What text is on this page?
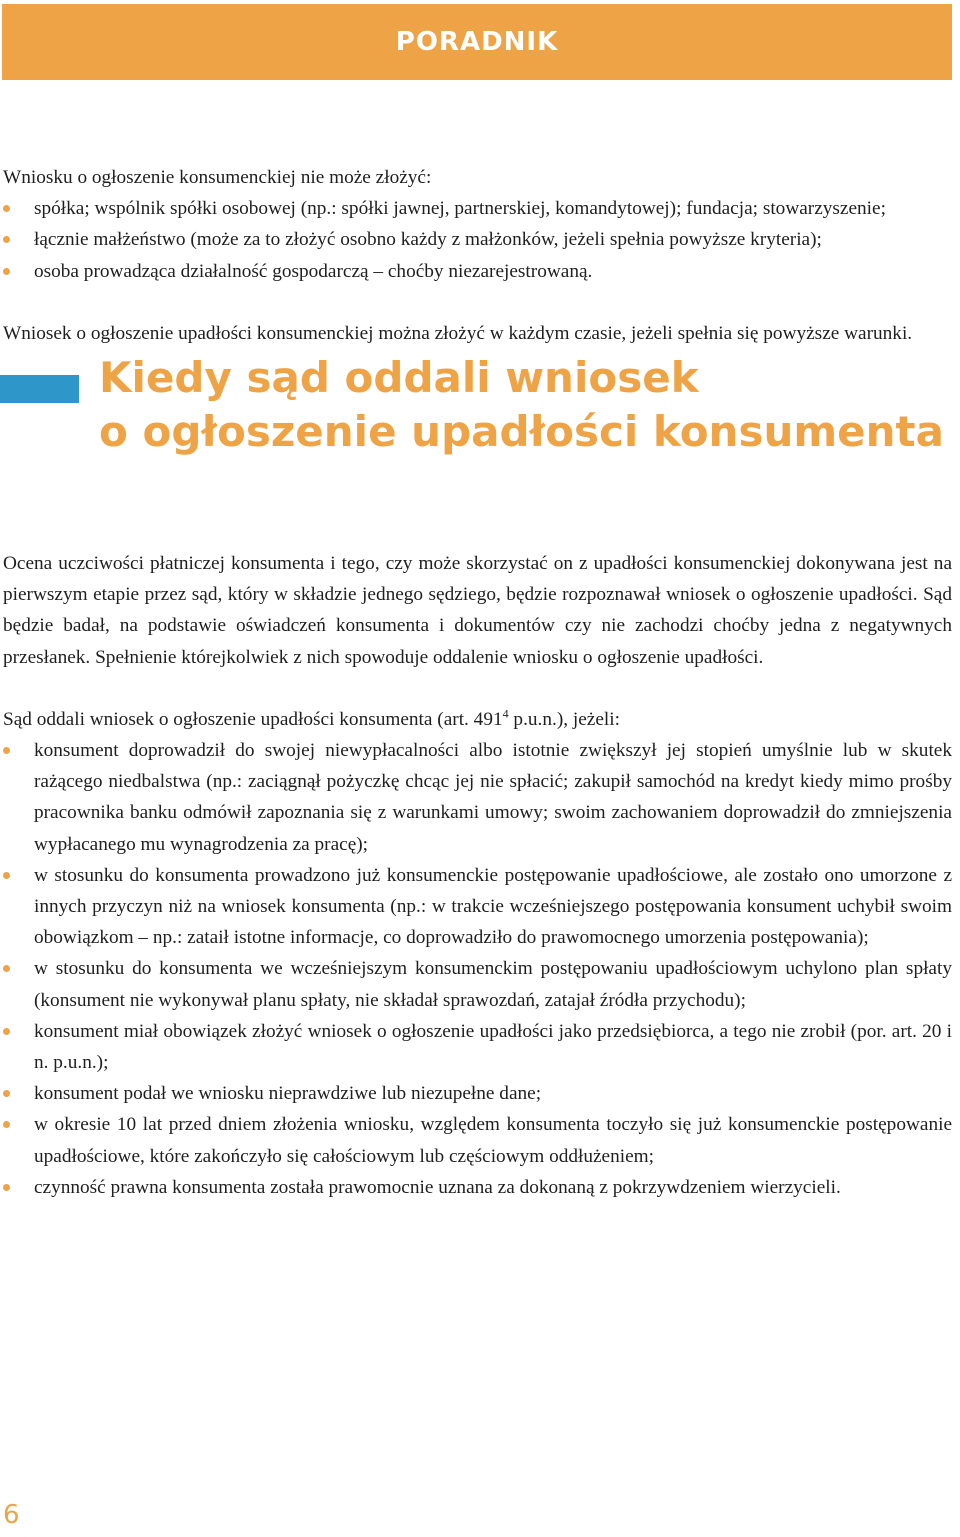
PORADNIK

Wniosku o ogłoszenie konsumenckiej nie może złożyć:

spółka; wspólnik spółki osobowej (np.: spółki jawnej, partnerskiej, komandytowej); fundacja; stowarzyszenie;
łącznie małżeństwo (może za to złożyć osobno każdy z małżonków, jeżeli spełnia powyższe kryteria);
osoba prowadząca działalność gospodarczą – choćby niezarejestrowaną.

Wniosek o ogłoszenie upadłości konsumenckiej można złożyć w każdym czasie, jeżeli spełnia się powyższe warunki.

Kiedy sąd oddali wniosek
o ogłoszenie upadłości konsumenta

Ocena uczciwości płatniczej konsumenta i tego, czy może skorzystać on z upadłości konsumenckiej dokonywana jest na pierwszym etapie przez sąd, który w składzie jednego sędziego, będzie rozpoznawał wniosek o ogłoszenie upadłości. Sąd będzie badał, na podstawie oświadczeń konsumenta i dokumentów czy nie zachodzi choćby jedna z negatywnych przesłanek. Spełnienie którejkolwiek z nich spowoduje oddalenie wniosku o ogłoszenie upadłości.

Sąd oddali wniosek o ogłoszenie upadłości konsumenta (art. $491^4$ p.u.n.), jeżeli:

konsument doprowadził do swojej niewypłacalności albo istotnie zwiększył jej stopień umyślnie lub w skutek rażącego niedbalstwa (np.: zaciągnął pożyczkę chcąc jej nie spłacić; zakupił samochód na kredyt kiedy mimo prośby pracownika banku odmówił zapoznania się z warunkami umowy; swoim zachowaniem doprowadził do zmniejszenia wypłacanego mu wynagrodzenia za pracę);
w stosunku do konsumenta prowadzono już konsumenckie postępowanie upadłościowe, ale zostało ono umorzone z innych przyczyn niż na wniosek konsumenta (np.: w trakcie wcześniejszego postępowania konsument uchybił swoim obowiązkom – np.: zataił istotne informacje, co doprowadziło do prawomocnego umorzenia postępowania);
w stosunku do konsumenta we wcześniejszym konsumenckim postępowaniu upadłościowym uchylono plan spłaty (konsument nie wykonywał planu spłaty, nie składał sprawozdań, zatajał źródła przychodu);
konsument miał obowiązek złożyć wniosek o ogłoszenie upadłości jako przedsiębiorca, a tego nie zrobił (por. art. 20 i n. p.u.n.);
konsument podał we wniosku nieprawdziwe lub niezupełne dane;
w okresie 10 lat przed dniem złożenia wniosku, względem konsumenta toczyło się już konsumenckie postępowanie upadłościowe, które zakończyło się całościowym lub częściowym oddłużeniem;
czynność prawna konsumenta została prawomocnie uznana za dokonaną z pokrzywdzeniem wierzycieli.
6
